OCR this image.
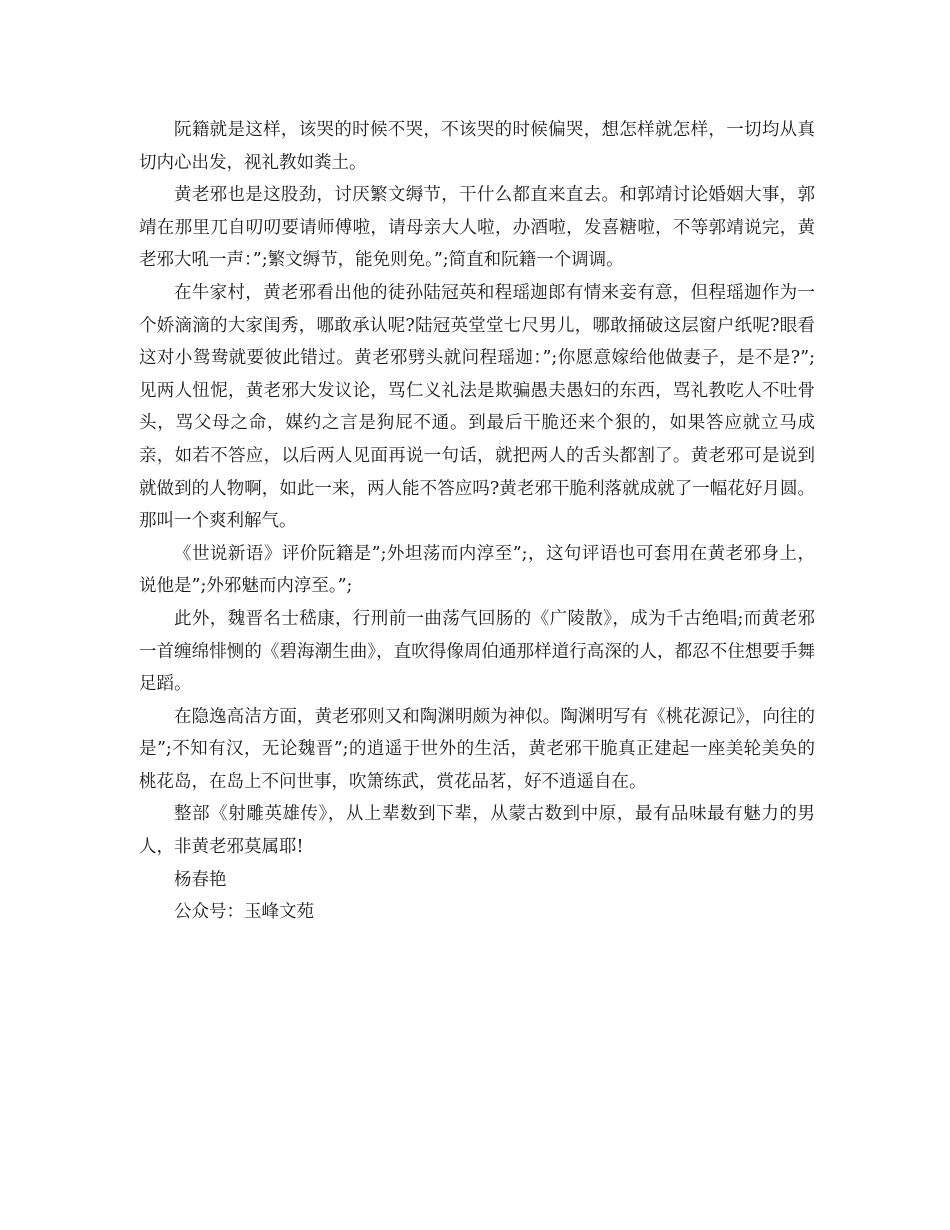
阮籍就是这样，该哭的时候不哭，不该哭的时候偏哭，想怎样就怎样，一切均从真切内心出发，视礼教如粪土。

黄老邪也是这股劲，讨厌繁文缛节，干什么都直来直去。和郭靖讨论婚姻大事，郭靖在那里兀自叨叨要请师傅啦，请母亲大人啦，办酒啦，发喜糖啦，不等郭靖说完，黄老邪大吼一声：”;繁文缛节，能免则免。”;简直和阮籍一个调调。

在牛家村，黄老邪看出他的徒孙陆冠英和程瑶迦郎有情来妾有意，但程瑶迦作为一个娇滴滴的大家闺秀，哪敢承认呢?陆冠英堂堂七尺男儿，哪敢捅破这层窗户纸呢?眼看这对小鸳鸯就要彼此错过。黄老邪劈头就问程瑶迦：”;你愿意嫁给他做妻子，是不是?”;见两人忸怩，黄老邪大发议论，骂仁义礼法是欺骗愚夫愚妇的东西，骂礼教吃人不吐骨头，骂父母之命，媒约之言是狗屁不通。到最后干脆还来个狠的，如果答应就立马成亲，如若不答应，以后两人见面再说一句话，就把两人的舌头都割了。黄老邪可是说到就做到的人物啊，如此一来，两人能不答应吗?黄老邪干脆利落就成就了一幅花好月圆。那叫一个爽利解气。

《世说新语》评价阮籍是”;外坦荡而内淳至”;，这句评语也可套用在黄老邪身上，说他是”;外邪魅而内淳至。”;

此外，魏晋名士嵇康，行刑前一曲荡气回肠的《广陵散》，成为千古绝唱;而黄老邪一首缠绵悱恻的《碧海潮生曲》，直吹得像周伯通那样道行高深的人，都忍不住想要手舞足蹈。

在隐逸高洁方面，黄老邪则又和陶渊明颇为神似。陶渊明写有《桃花源记》，向往的是”;不知有汉，无论魏晋”;的逍遥于世外的生活，黄老邪干脆真正建起一座美轮美奂的桃花岛，在岛上不问世事，吹箫练武，赏花品茗，好不逍遥自在。

整部《射雕英雄传》，从上辈数到下辈，从蒙古数到中原，最有品味最有魅力的男人，非黄老邪莫属耶!

杨春艳

公众号：玉峰文苑
